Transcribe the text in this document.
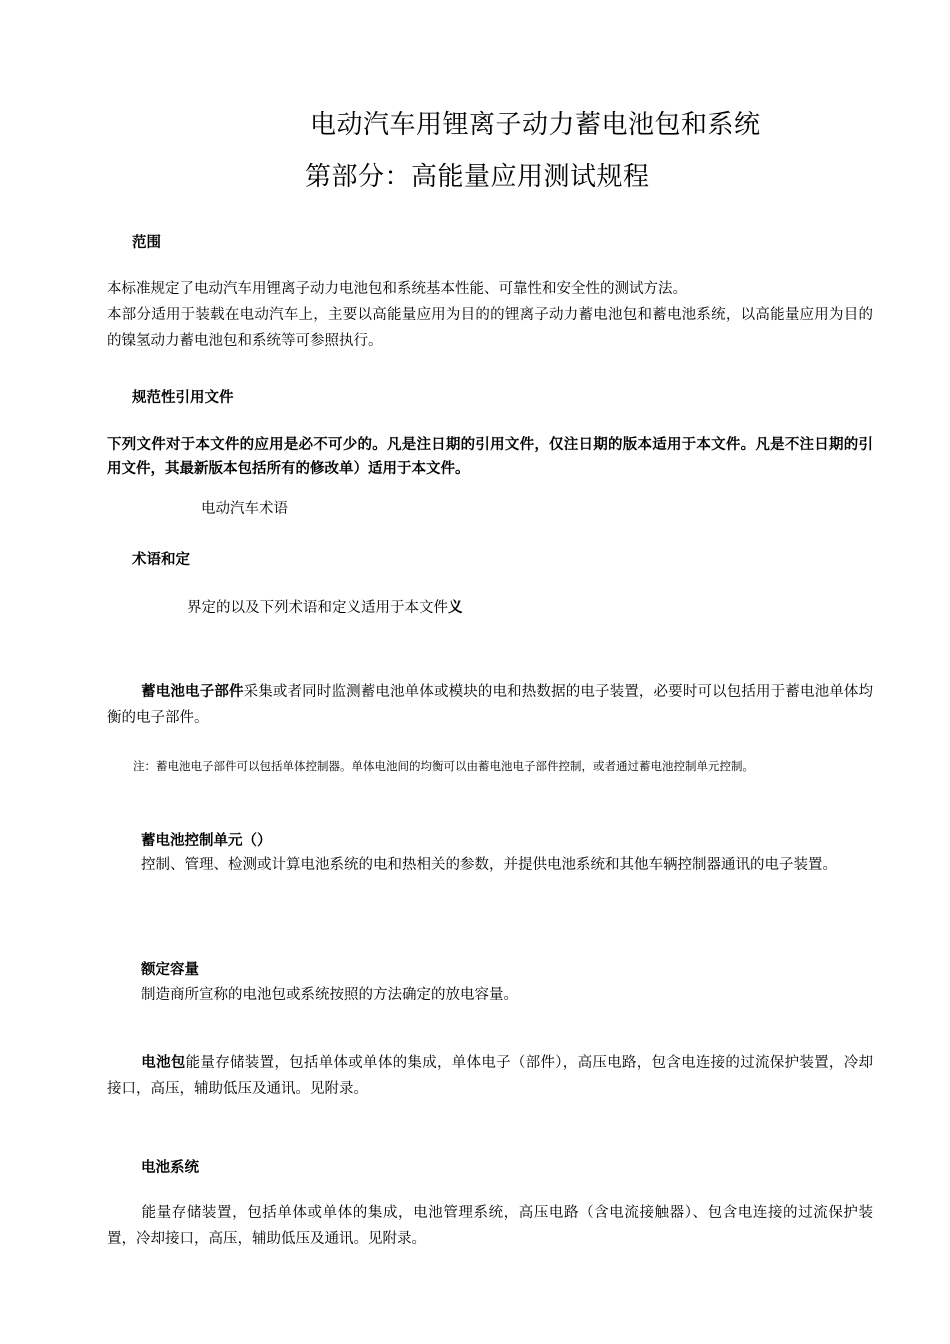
电动汽车用锂离子动力蓄电池包和系统
第部分：高能量应用测试规程
范围
本标准规定了电动汽车用锂离子动力电池包和系统基本性能、可靠性和安全性的测试方法。
本部分适用于装载在电动汽车上，主要以高能量应用为目的的锂离子动力蓄电池包和蓄电池系统，以高能量应用为目的的镍氢动力蓄电池包和系统等可参照执行。
规范性引用文件
下列文件对于本文件的应用是必不可少的。凡是注日期的引用文件，仅注日期的版本适用于本文件。凡是不注日期的引用文件，其最新版本包括所有的修改单）适用于本文件。
电动汽车术语
术语和定
界定的以及下列术语和定义适用于本文件义
蓄电池电子部件采集或者同时监测蓄电池单体或模块的电和热数据的电子装置，必要时可以包括用于蓄电池单体均衡的电子部件。
注：蓄电池电子部件可以包括单体控制器。单体电池间的均衡可以由蓄电池电子部件控制，或者通过蓄电池控制单元控制。
蓄电池控制单元（）
控制、管理、检测或计算电池系统的电和热相关的参数，并提供电池系统和其他车辆控制器通讯的电子装置。
额定容量
制造商所宣称的电池包或系统按照的方法确定的放电容量。
电池包能量存储装置，包括单体或单体的集成，单体电子（部件），高压电路，包含电连接的过流保护装置，冷却接口，高压，辅助低压及通讯。见附录。
电池系统
能量存储装置，包括单体或单体的集成，电池管理系统，高压电路（含电流接触器）、包含电连接的过流保护装置，冷却接口，高压，辅助低压及通讯。见附录。
